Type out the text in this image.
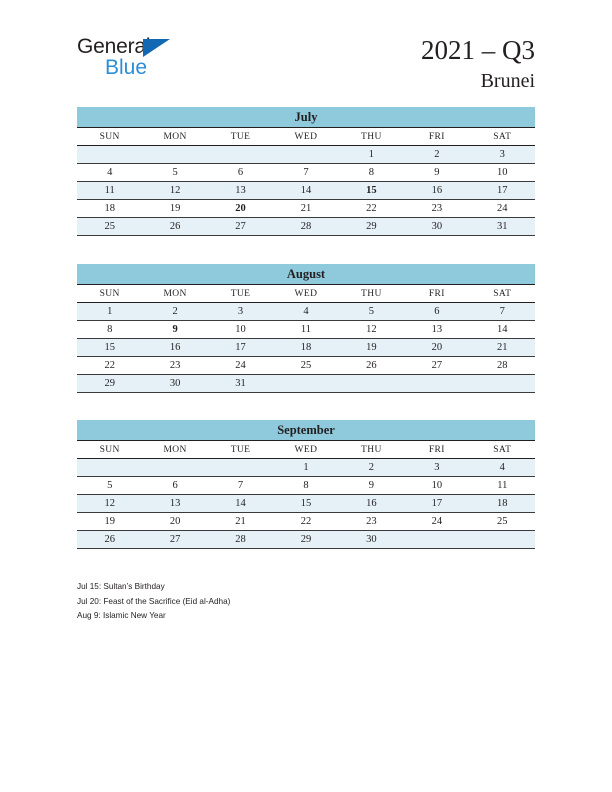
General
Blue
2021 – Q3
Brunei
July
SUN	MON	TUE	WED	THU	FRI	SAT
				1	2	3
4	5	6	7	8	9	10
11	12	13	14	15	16	17
18	19	20	21	22	23	24
25	26	27	28	29	30	31
August
SUN	MON	TUE	WED	THU	FRI	SAT
1	2	3	4	5	6	7
8	9	10	11	12	13	14
15	16	17	18	19	20	21
22	23	24	25	26	27	28
29	30	31				
September
SUN	MON	TUE	WED	THU	FRI	SAT
			1	2	3	4
5	6	7	8	9	10	11
12	13	14	15	16	17	18
19	20	21	22	23	24	25
26	27	28	29	30		
Jul 15: Sultan’s Birthday
Jul 20: Feast of the Sacrifice (Eid al-Adha)
Aug 9: Islamic New Year
